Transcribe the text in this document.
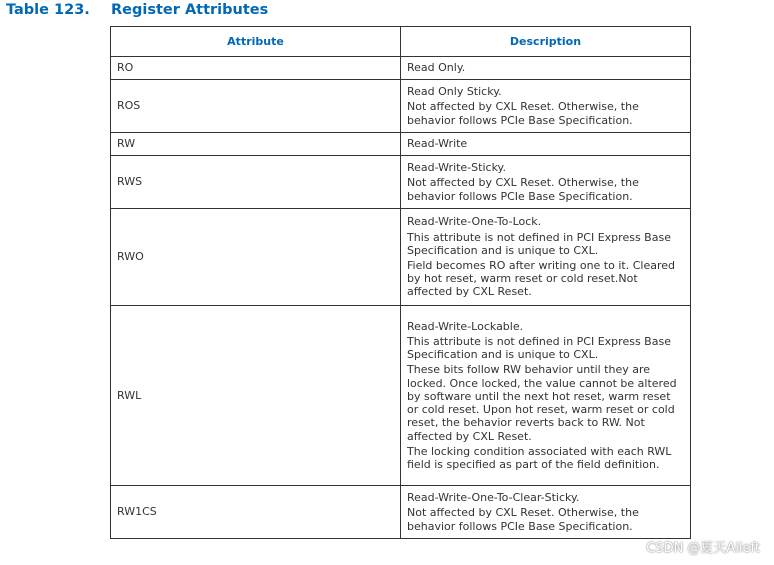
Table 123. Register Attributes
Attribute	Description
RO	Read Only.

ROS	Read Only Sticky.

Not affected by CXL Reset. Otherwise, the behavior follows PCIe Base Specification.

RW	Read-Write

RWS	Read-Write-Sticky.

Not affected by CXL Reset. Otherwise, the behavior follows PCIe Base Specification.

RWO	Read-Write-One-To-Lock.

This attribute is not defined in PCI Express Base Specification and is unique to CXL.

Field becomes RO after writing one to it. Cleared by hot reset, warm reset or cold reset.Not affected by CXL Reset.

RWL	Read-Write-Lockable.

This attribute is not defined in PCI Express Base Specification and is unique to CXL.

These bits follow RW behavior until they are locked. Once locked, the value cannot be altered by software until the next hot reset, warm reset or cold reset. Upon hot reset, warm reset or cold reset, the behavior reverts back to RW. Not affected by CXL Reset.

The locking condition associated with each RWL field is specified as part of the field definition.

RW1CS	Read-Write-One-To-Clear-Sticky.

Not affected by CXL Reset. Otherwise, the behavior follows PCIe Base Specification.

CSDN @夏天Aileft
